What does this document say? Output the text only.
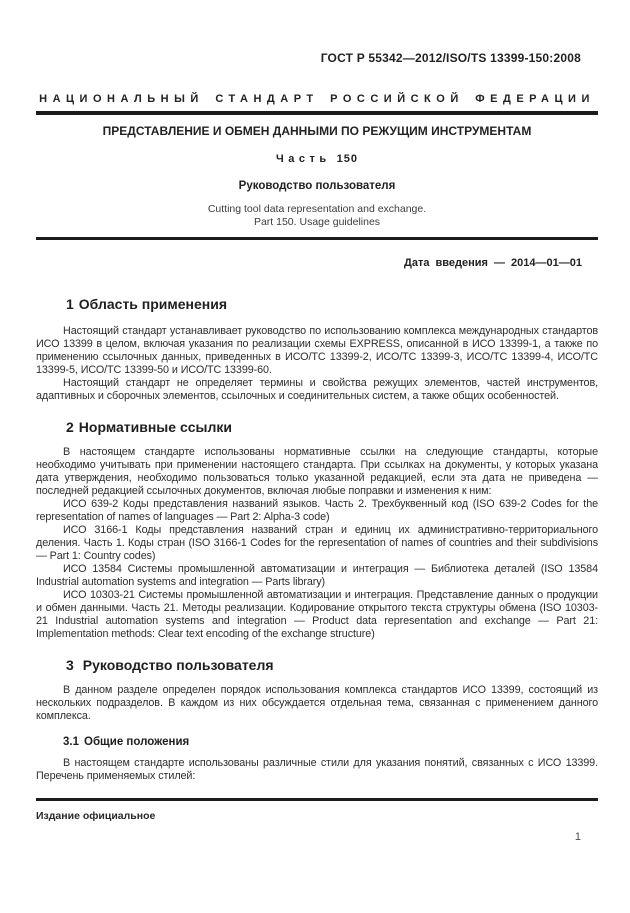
ГОСТ Р 55342—2012/ISO/TS 13399-150:2008
НАЦИОНАЛЬНЫЙ СТАНДАРТ РОССИЙСКОЙ ФЕДЕРАЦИИ
ПРЕДСТАВЛЕНИЕ И ОБМЕН ДАННЫМИ ПО РЕЖУЩИМ ИНСТРУМЕНТАМ
Часть 150
Руководство пользователя
Cutting tool data representation and exchange.
Part 150. Usage guidelines
Дата введения — 2014—01—01
1 Область применения

Настоящий стандарт устанавливает руководство по использованию комплекса международных стандартов ИСО 13399 в целом, включая указания по реализации схемы EXPRESS, описанной в ИСО 13399-1, а также по применению ссылочных данных, приведенных в ИСО/ТС 13399-2, ИСО/ТС 13399-3, ИСО/ТС 13399-4, ИСО/ТС 13399-5, ИСО/ТС 13399-50 и ИСО/ТС 13399-60.

Настоящий стандарт не определяет термины и свойства режущих элементов, частей инструментов, адаптивных и сборочных элементов, ссылочных и соединительных систем, а также общих особенностей.

2 Нормативные ссылки

В настоящем стандарте использованы нормативные ссылки на следующие стандарты, которые необходимо учитывать при применении настоящего стандарта. При ссылках на документы, у которых указана дата утверждения, необходимо пользоваться только указанной редакцией, если эта дата не приведена — последней редакцией ссылочных документов, включая любые поправки и изменения к ним:

ИСО 639-2 Коды представления названий языков. Часть 2. Трехбуквенный код (ISO 639-2 Codes for the representation of names of languages — Part 2: Alpha-3 code)

ИСО 3166-1 Коды представления названий стран и единиц их административно-территориального деления. Часть 1. Коды стран (ISO 3166-1 Codes for the representation of names of countries and their subdivisions — Part 1: Country codes)

ИСО 13584 Системы промышленной автоматизации и интеграция — Библиотека деталей (ISO 13584 Industrial automation systems and integration — Parts library)

ИСО 10303-21 Системы промышленной автоматизации и интеграция. Представление данных о продукции и обмен данными. Часть 21. Методы реализации. Кодирование открытого текста структуры обмена (ISO 10303-21 Industrial automation systems and integration — Product data representation and exchange — Part 21: Implementation methods: Clear text encoding of the exchange structure)

3 Руководство пользователя

В данном разделе определен порядок использования комплекса стандартов ИСО 13399, состоящий из нескольких подразделов. В каждом из них обсуждается отдельная тема, связанная с применением данного комплекса.

3.1 Общие положения

В настоящем стандарте использованы различные стили для указания понятий, связанных с ИСО 13399. Перечень применяемых стилей:

Издание официальное
1
